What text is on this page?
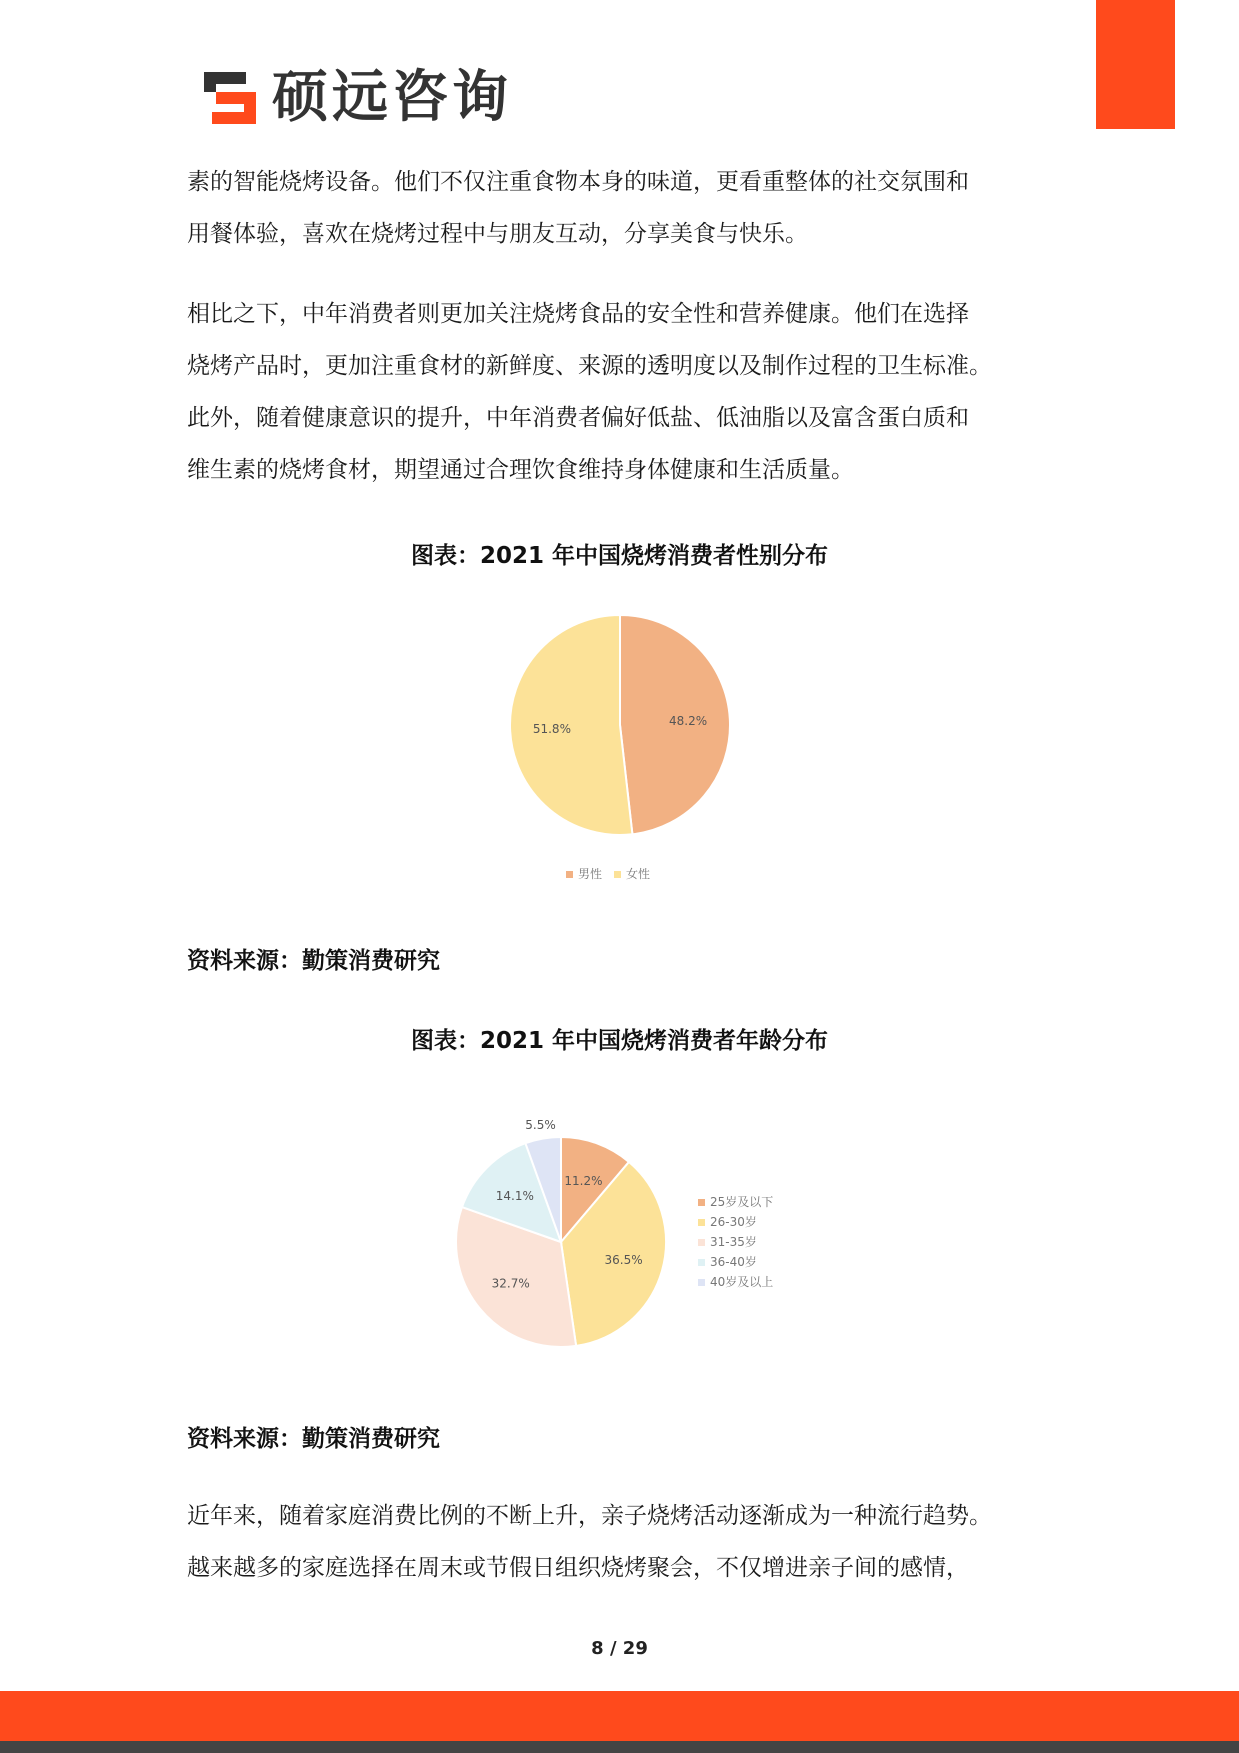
硕远咨询
素的智能烧烤设备。他们不仅注重食物本身的味道，更看重整体的社交氛围和
用餐体验，喜欢在烧烤过程中与朋友互动，分享美食与快乐。
相比之下，中年消费者则更加关注烧烤食品的安全性和营养健康。他们在选择
烧烤产品时，更加注重食材的新鲜度、来源的透明度以及制作过程的卫生标准。
此外，随着健康意识的提升，中年消费者偏好低盐、低油脂以及富含蛋白质和
维生素的烧烤食材，期望通过合理饮食维持身体健康和生活质量。
图表：2021 年中国烧烤消费者性别分布
48.2%
51.8%
男性 女性
资料来源：勤策消费研究
图表：2021 年中国烧烤消费者年龄分布
11.2%
36.5%
32.7%
14.1%
5.5%
25岁及以下
26-30岁
31-35岁
36-40岁
40岁及以上
资料来源：勤策消费研究
近年来，随着家庭消费比例的不断上升，亲子烧烤活动逐渐成为一种流行趋势。
越来越多的家庭选择在周末或节假日组织烧烤聚会，不仅增进亲子间的感情，
8 / 29
